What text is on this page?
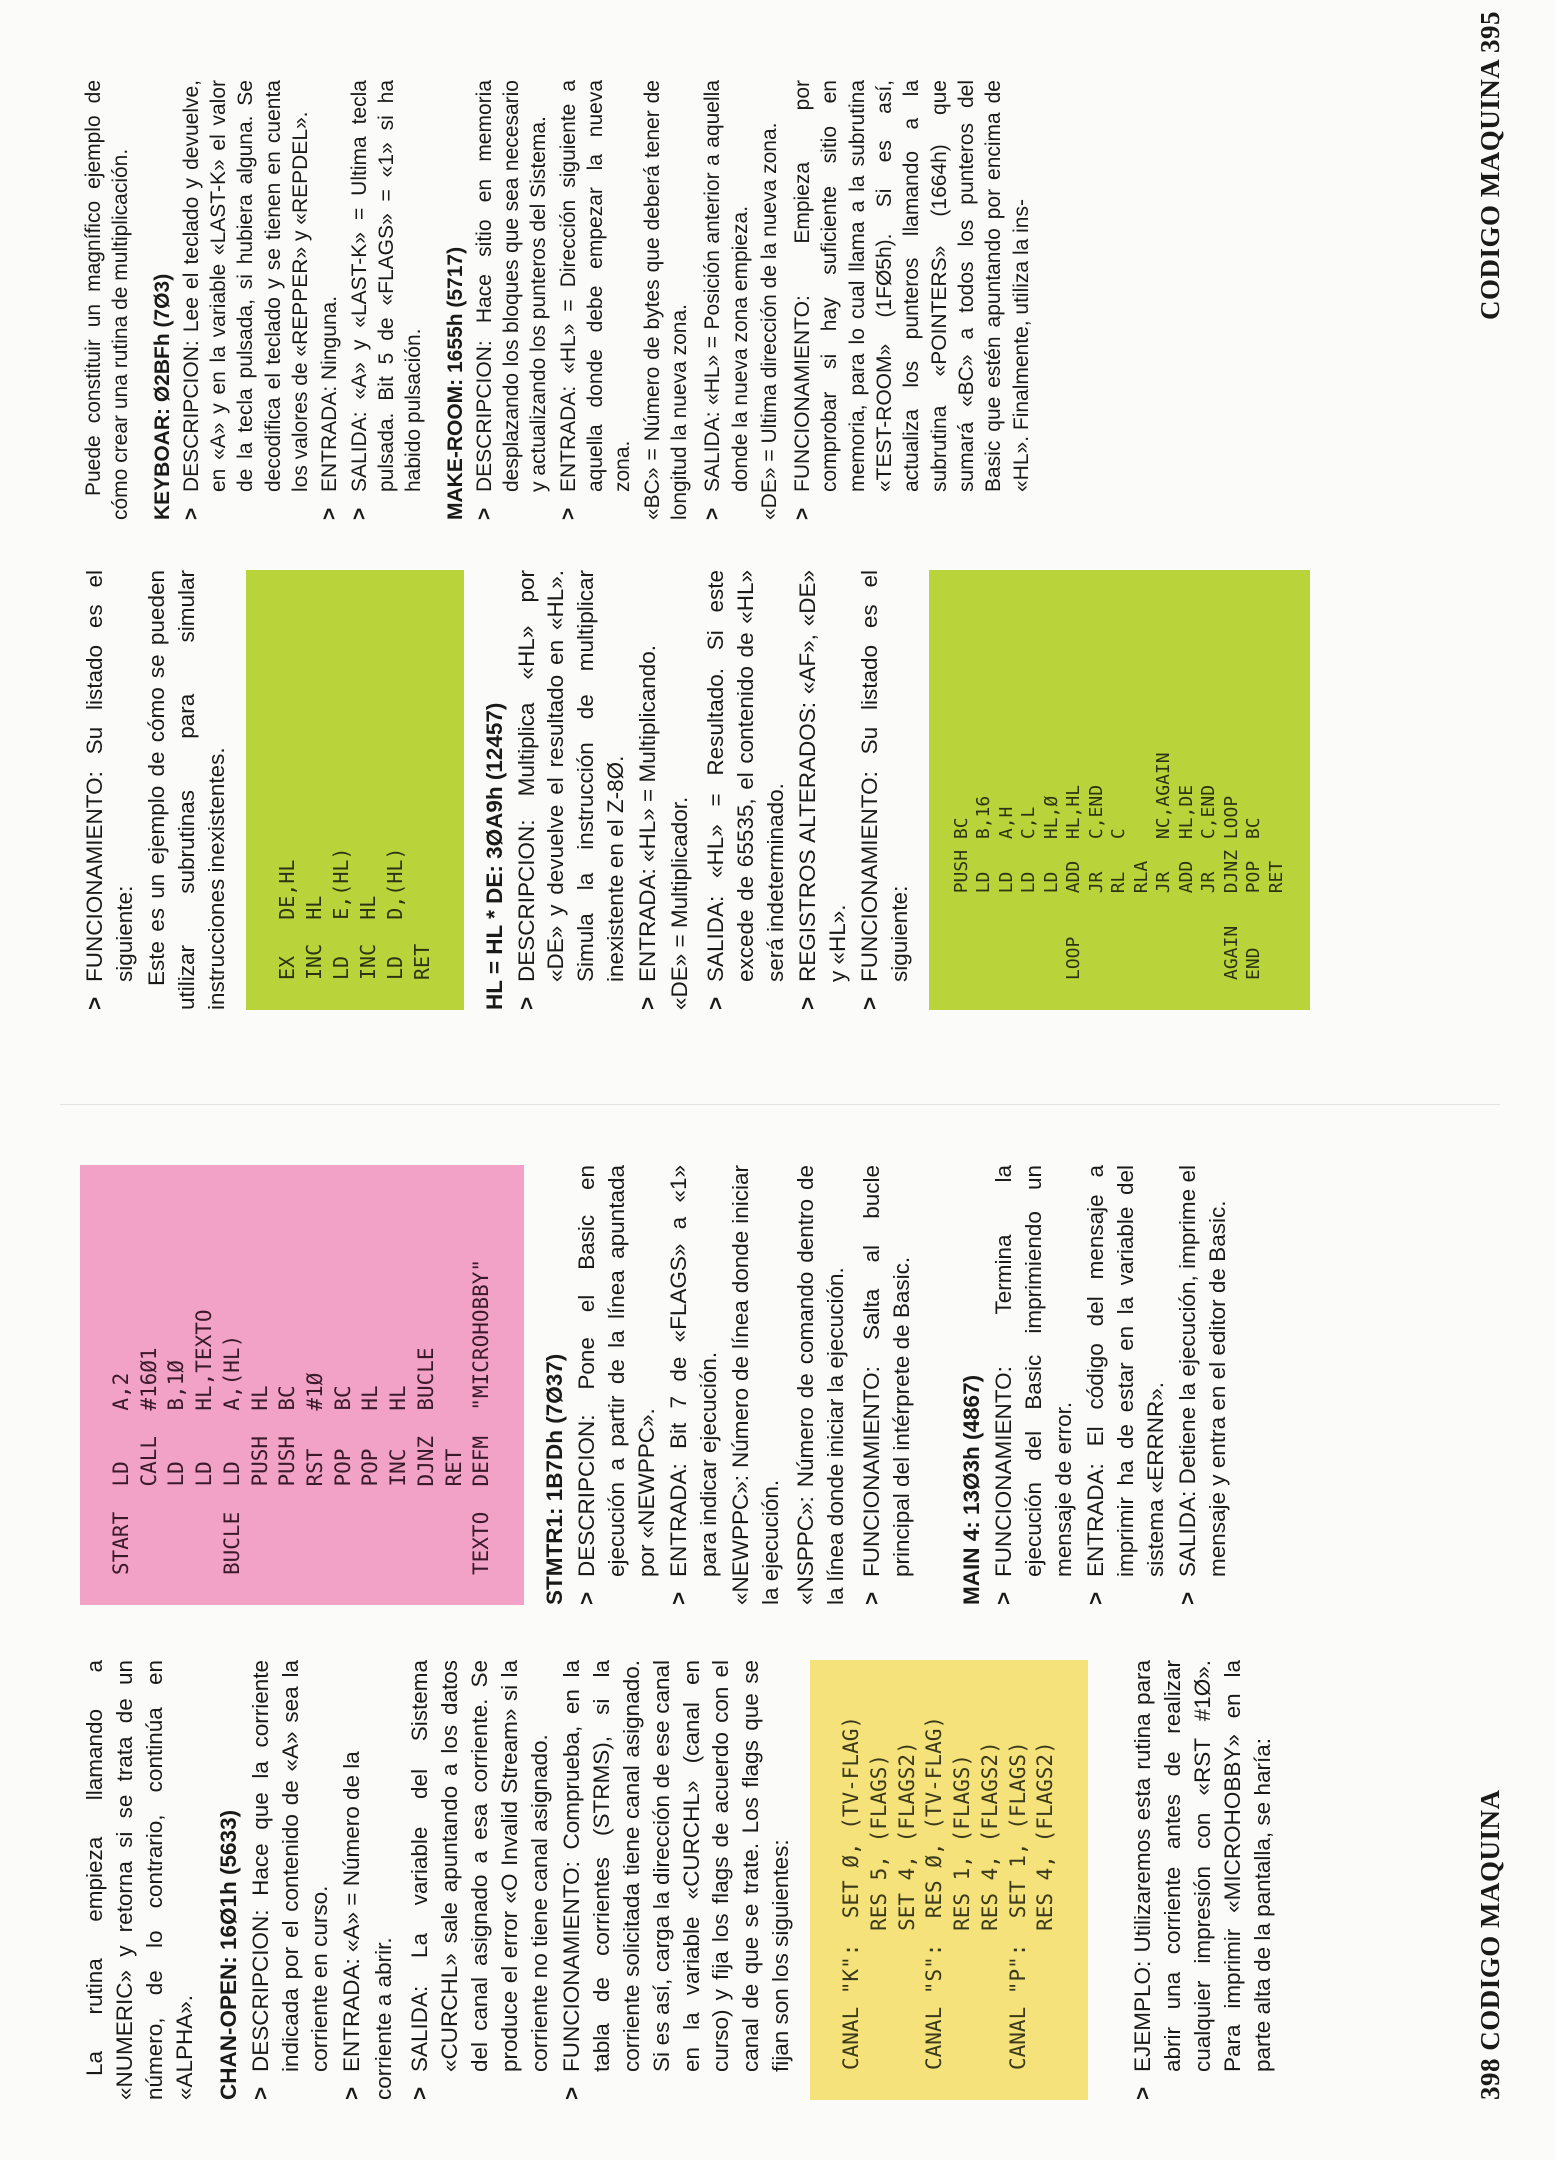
La rutina empieza llamando a «NUMERIC» y retorna si se trata de un número, de lo contrario, continúa en «ALPHA». CHAN-OPEN: 16Ø1h (5633) >
DESCRIPCION: Hace que la corriente indicada por el contenido de «A» sea la corriente en curso.
>
ENTRADA: «A» = Número de la corriente a abrir. >
SALIDA: La variable del Sistema «CURCHL» sale apuntando a los datos del canal asignado a esa corriente. Se produce el error «O Invalid Stream» si la corriente no tiene canal asignado.
>
FUNCIONAMIENTO: Comprueba, en la tabla de corrientes (STRMS), si la corriente solicitada tiene canal asignado. Si es así, carga la dirección de ese canal en la variable «CURCHL» (canal en curso) y fija los flags de acuerdo con el canal de que se trate. Los flags que se fijan son los siguientes:	CANAL "K":  SET Ø, (TV-FLAG)
RES 5, (FLAGS)
SET 4, (FLAGS2)
CANAL "S":  RES Ø, (TV-FLAG)
RES 1, (FLAGS)
RES 4, (FLAGS2)
CANAL "P":  SET 1, (FLAGS)
RES 4, (FLAGS2)
>
EJEMPLO: Utilizaremos esta rutina para abrir una corriente antes de realizar cualquier impresión con «RST #1Ø». Para imprimir «MICROHOBBY» en la parte alta de la pantalla, se haría:
START  LD    A,2
CALL  #16Ø1
LD    B,1Ø
LD    HL,TEXTO
BUCLE  LD    A,(HL)
PUSH  HL
PUSH  BC
RST   #1Ø
POP   BC
POP   HL
INC   HL
DJNZ  BUCLE
RET
TEXTO  DEFM  "MICROHOBBY"

STMTR1: 1B7Dh (7Ø37) >
DESCRIPCION: Pone el Basic en ejecución a partir de la línea apuntada por «NEWPPC».
>
ENTRADA: Bit 7 de «FLAGS» a «1» para indicar ejecución. «NEWPPC»: Número de línea donde iniciar la ejecución. «NSPPC»: Número de comando dentro de la línea donde iniciar la ejecución. >
FUNCIONAMIENTO: Salta al bucle principal del intérprete de Basic. MAIN 4: 13Ø3h (4867) >
FUNCIONAMIENTO: Termina la ejecución del Basic imprimiendo un mensaje de error.
>
ENTRADA: El código del mensaje a imprimir ha de estar en la variable del sistema «ERRNR».
>
SALIDA: Detiene la ejecución, imprime el mensaje y entra en el editor de Basic.
398 CODIGO MAQUINA
>
FUNCIONAMIENTO: Su listado es el siguiente: Este es un ejemplo de cómo se pueden utilizar subrutinas para simular instrucciones inexistentes.	EX   DE,HL
INC  HL
LD   E,(HL)
INC  HL
LD   D,(HL)
RET	HL = HL * DE: 3ØA9h (12457) >
DESCRIPCION: Multiplica «HL» por «DE» y devuelve el resultado en «HL». Simula la instrucción de multiplicar inexistente en el Z-8Ø.
>
ENTRADA: «HL» = Multiplicando. «DE» = Multiplicador. >
SALIDA: «HL» = Resultado. Si este excede de 65535, el contenido de «HL» será indeterminado.
>
REGISTROS ALTERADOS: «AF», «DE» y «HL».
>
FUNCIONAMIENTO: Su listado es el siguiente:
PUSH BC
LD   B,16
LD   A,H
LD   C,L
LD   HL,Ø
LOOP    ADD  HL,HL
JR   C,END
RL   C
RLA
JR   NC,AGAIN
ADD  HL,DE
JR   C,END
AGAIN   DJNZ LOOP
END     POP  BC
RET

Puede constituir un magnífico ejemplo de cómo crear una rutina de multiplicación. KEYBOAR: Ø2BFh (7Ø3) >
DESCRIPCION: Lee el teclado y devuelve, en «A» y en la variable «LAST-K» el valor de la tecla pulsada, si hubiera alguna. Se decodifica el teclado y se tienen en cuenta los valores de «REPPER» y «REPDEL».
>
ENTRADA: Ninguna.
>
SALIDA: «A» y «LAST-K» = Ultima tecla pulsada. Bit 5 de «FLAGS» = «1» si ha habido pulsación. MAKE-ROOM: 1655h (5717) >
DESCRIPCION: Hace sitio en memoria desplazando los bloques que sea necesario y actualizando los punteros del Sistema.
>
ENTRADA: «HL» = Dirección siguiente a aquella donde debe empezar la nueva zona. «BC» = Número de bytes que deberá tener de longitud la nueva zona. >
SALIDA: «HL» = Posición anterior a aquella donde la nueva zona empieza. «DE» = Ultima dirección de la nueva zona. >
FUNCIONAMIENTO: Empieza por comprobar si hay suficiente sitio en memoria, para lo cual llama a la subrutina «TEST-ROOM» (1FØ5h). Si es así, actualiza los punteros llamando a la subrutina «POINTERS» (1664h) que sumará «BC» a todos los punteros del Basic que estén apuntando por encima de «HL». Finalmente, utiliza la ins-
CODIGO MAQUINA 395
